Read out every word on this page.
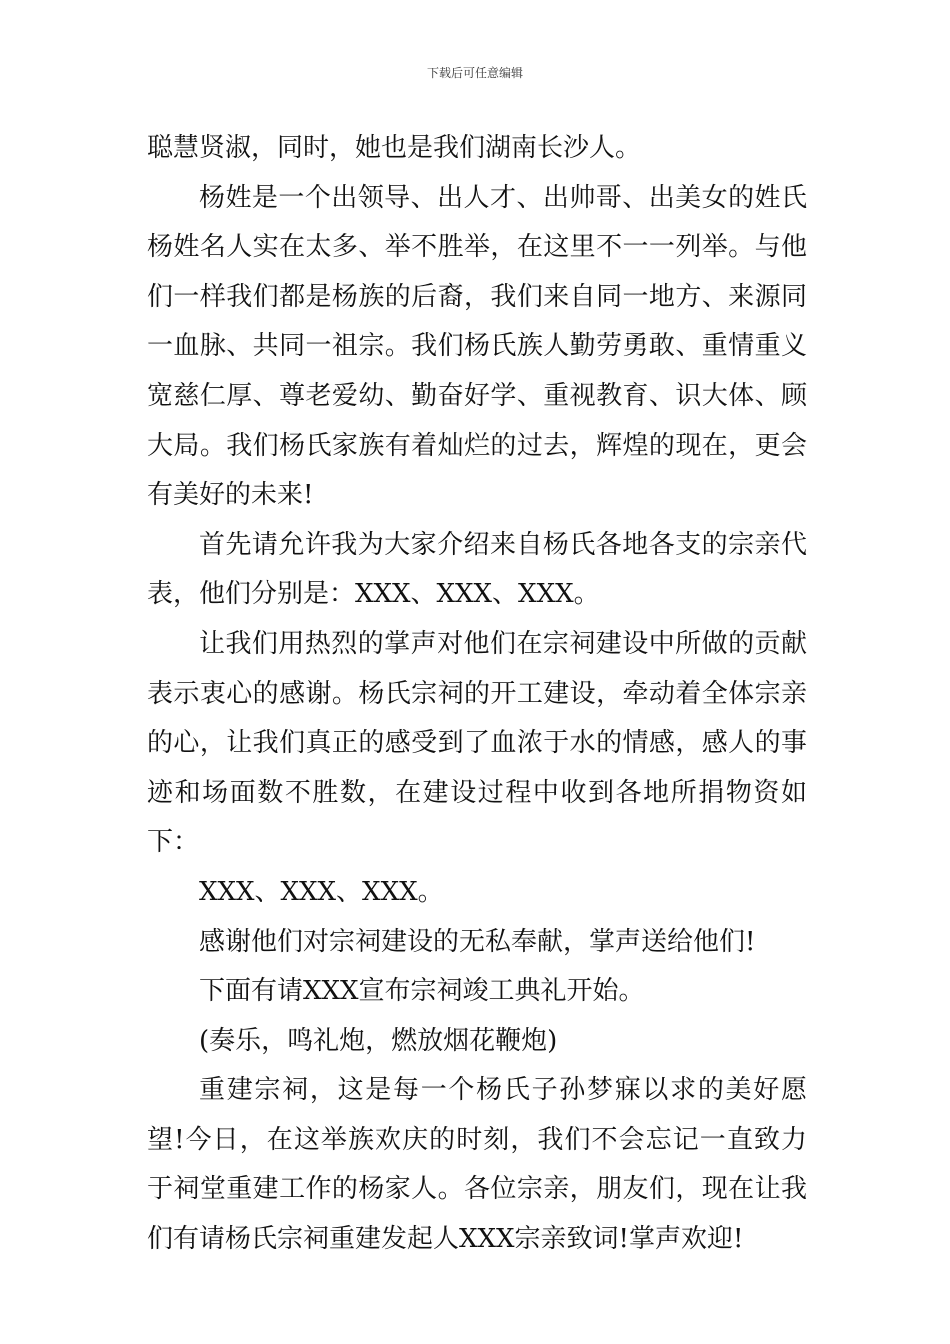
下载后可任意编辑

聪慧贤淑，同时，她也是我们湖南长沙人。

杨姓是一个出领导、出人才、出帅哥、出美女的姓氏杨姓名人实在太多、举不胜举，在这里不一一列举。与他们一样我们都是杨族的后裔，我们来自同一地方、来源同一血脉、共同一祖宗。我们杨氏族人勤劳勇敢、重情重义宽慈仁厚、尊老爱幼、勤奋好学、重视教育、识大体、顾大局。我们杨氏家族有着灿烂的过去，辉煌的现在，更会有美好的未来!

首先请允许我为大家介绍来自杨氏各地各支的宗亲代表，他们分别是：XXX、XXX、XXX。

让我们用热烈的掌声对他们在宗祠建设中所做的贡献表示衷心的感谢。杨氏宗祠的开工建设，牵动着全体宗亲的心，让我们真正的感受到了血浓于水的情感，感人的事迹和场面数不胜数，在建设过程中收到各地所捐物资如下：

XXX、XXX、XXX。

感谢他们对宗祠建设的无私奉献，掌声送给他们!

下面有请XXX宣布宗祠竣工典礼开始。

(奏乐，鸣礼炮，燃放烟花鞭炮)

重建宗祠，这是每一个杨氏子孙梦寐以求的美好愿望!今日，在这举族欢庆的时刻，我们不会忘记一直致力于祠堂重建工作的杨家人。各位宗亲，朋友们，现在让我们有请杨氏宗祠重建发起人XXX宗亲致词!掌声欢迎!
